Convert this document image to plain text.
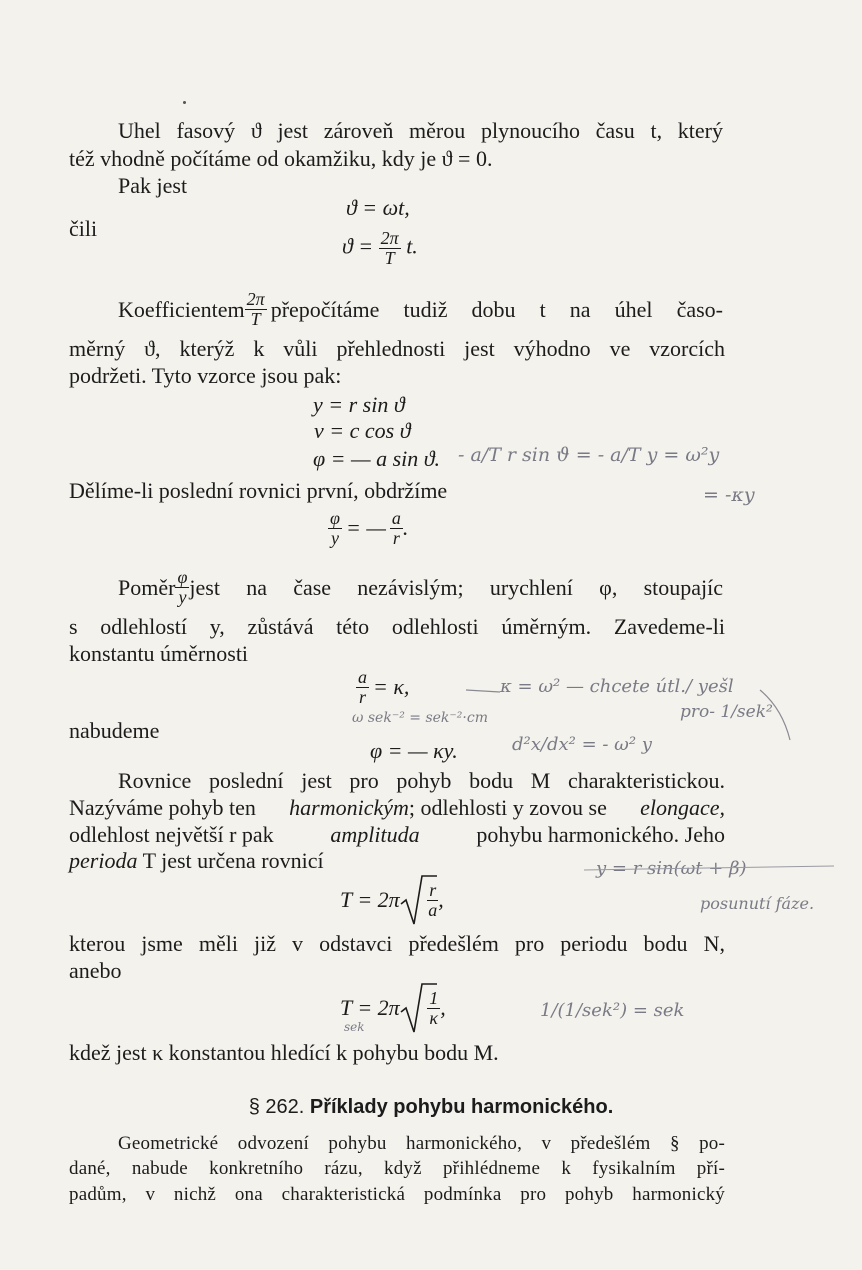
Uhel fasový ϑ jest zároveň měrou plynoucího času t, který
též vhodně počítáme od okamžiku, kdy je ϑ = 0.
Pak jest
ϑ = ωt,
čili
$ϑ = \frac{2\pi}{T} t$.
Koefficientem $\frac{2\pi}{T}$ přepočítáme tudiž dobu t na úhel časo-
měrný ϑ, kterýž k vůli přehlednosti jest výhodno ve vzorcích
podržeti. Tyto vzorce jsou pak:
y = r sin ϑ
v = c cos ϑ
φ = — a sin ϑ.
Dělíme-li poslední rovnici první, obdržíme
$\frac{\varphi}{y}$ = — $\frac{a}{r}$ .
Poměr $\frac{\varphi}{y}$ jest na čase nezávislým; urychlení φ, stoupajíc
s odlehlostí y, zůstává této odlehlosti úměrným. Zavedeme-li
konstantu úměrnosti
$\frac{a}{r} = \kappa$,
nabudeme
φ = — κy.
Rovnice poslední jest pro pohyb bodu M charakteristickou.
Nazýváme pohyb ten harmonickým; odlehlosti y zovou se elongace,
odlehlost největší r pak	amplituda	pohybu harmonického. Jeho
perioda T jest určena rovnicí
T = 2π
$\frac{r}{a}$ ,
kterou jsme měli již v odstavci předešlém pro periodu bodu N,
anebo
T = 2π
$\frac{1}{\kappa}$ ,
kdež jest κ konstantou hledící k pohybu bodu M.
§ 262. Příklady pohybu harmonického.
Geometrické odvození pohybu harmonického, v předešlém § po-
dané, nabude konkretního rázu, když přihlédneme k fysikalním pří-
padům, v nichž ona charakteristická podmínka pro pohyb harmonický
- a/T r sin ϑ = - a/T y = ω²y
= -κy
κ = ω² — chcete útl./ yešl
pro- 1/sek²
ω sek⁻² = sek⁻²·cm
d²x/dx² = - ω² y
y = r sin(ωt + β)
posunutí fáze.
sek
1/(1/sek²) = sek
